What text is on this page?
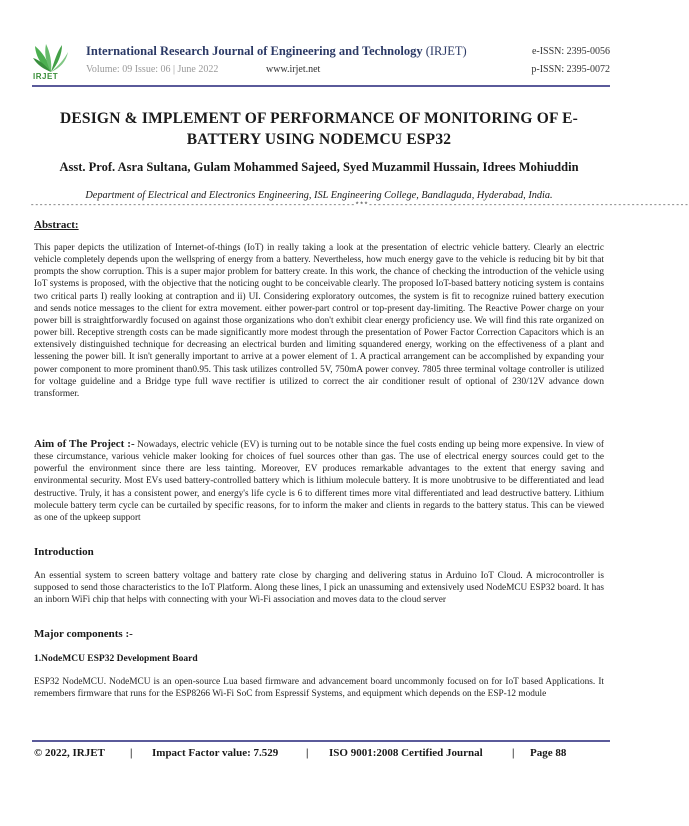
IRJET
International Research Journal of Engineering and Technology (IRJET)
Volume: 09 Issue: 06 | June 2022	www.irjet.net
e-ISSN: 2395-0056
p-ISSN: 2395-0072
DESIGN & IMPLEMENT OF PERFORMANCE OF MONITORING OF E-BATTERY USING NODEMCU ESP32
Asst. Prof. Asra Sultana, Gulam Mohammed Sajeed, Syed Muzammil Hussain, Idrees Mohiuddin
Department of Electrical and Electronics Engineering, ISL Engineering College, Bandlaguda, Hyderabad, India.
-------------------------------------------------------------------------***------------------------------------------------------------------------
Abstract:
This paper depicts the utilization of Internet-of-things (IoT) in really taking a look at the presentation of electric vehicle battery. Clearly an electric vehicle completely depends upon the wellspring of energy from a battery. Nevertheless, how much energy gave to the vehicle is reducing bit by bit that prompts the show corruption. This is a super major problem for battery create. In this work, the chance of checking the introduction of the vehicle using IoT systems is proposed, with the objective that the noticing ought to be conceivable clearly. The proposed IoT-based battery noticing system is contains two critical parts I) really looking at contraption and ii) UI. Considering exploratory outcomes, the system is fit to recognize ruined battery execution and sends notice messages to the client for extra movement. either power-part control or top-present day-limiting. The Reactive Power charge on your power bill is straightforwardly focused on against those organizations who don't exhibit clear energy proficiency use. We will find this rate organized on power bill. Receptive strength costs can be made significantly more modest through the presentation of Power Factor Correction Capacitors which is an extensively distinguished technique for decreasing an electrical burden and limiting squandered energy, working on the effectiveness of a plant and lessening the power bill. It isn't generally important to arrive at a power element of 1. A practical arrangement can be accomplished by expanding your power component to more prominent than0.95. This task utilizes controlled 5V, 750mA power convey. 7805 three terminal voltage controller is utilized for voltage guideline and a Bridge type full wave rectifier is utilized to correct the air conditioner result of optional of 230/12V advance down transformer.
Aim of The Project :- Nowadays, electric vehicle (EV) is turning out to be notable since the fuel costs ending up being more expensive. In view of these circumstance, various vehicle maker looking for choices of fuel sources other than gas. The use of electrical energy sources could get to the powerful the environment since there are less tainting. Moreover, EV produces remarkable advantages to the extent that energy saving and environmental security. Most EVs used battery-controlled battery which is lithium molecule battery. It is more unobtrusive to be differentiated and lead destructive. Truly, it has a consistent power, and energy's life cycle is 6 to different times more vital differentiated and lead destructive battery. Lithium molecule battery term cycle can be curtailed by specific reasons, for to inform the maker and clients in regards to the battery status. This can be viewed as one of the upkeep support
Introduction
An essential system to screen battery voltage and battery rate close by charging and delivering status in Arduino IoT Cloud. A microcontroller is supposed to send those characteristics to the IoT Platform. Along these lines, I pick an unassuming and extensively used NodeMCU ESP32 board. It has an inborn WiFi chip that helps with connecting with your Wi-Fi association and moves data to the cloud server
Major components :-
1.NodeMCU ESP32 Development Board
ESP32 NodeMCU. NodeMCU is an open-source Lua based firmware and advancement board uncommonly focused on for IoT based Applications. It remembers firmware that runs for the ESP8266 Wi-Fi SoC from Espressif Systems, and equipment which depends on the ESP-12 module
© 2022, IRJET | Impact Factor value: 7.529	| ISO 9001:2008 Certified Journal	| Page 88
